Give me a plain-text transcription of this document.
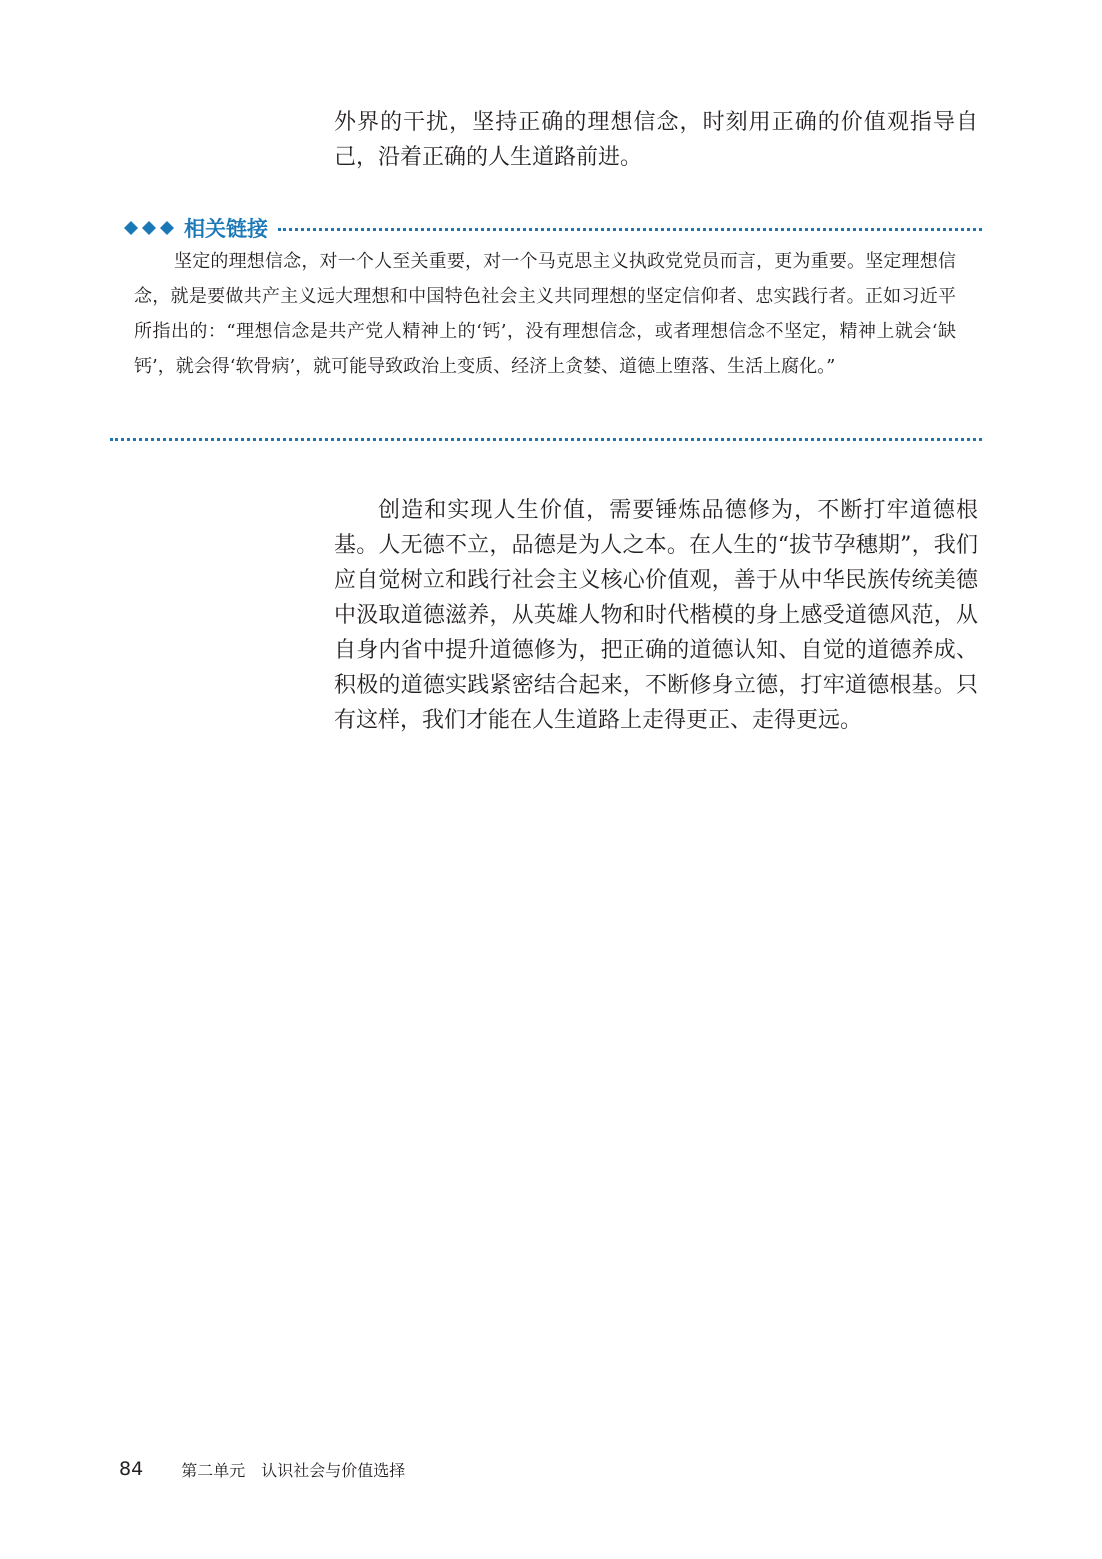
外界的干扰，坚持正确的理想信念，时刻用正确的价值观指导自己，沿着正确的人生道路前进。

相关链接

坚定的理想信念，对一个人至关重要，对一个马克思主义执政党党员而言，更为重要。坚定理想信念，就是要做共产主义远大理想和中国特色社会主义共同理想的坚定信仰者、忠实践行者。正如习近平所指出的：“理想信念是共产党人精神上的‘钙’，没有理想信念，或者理想信念不坚定，精神上就会‘缺钙’，就会得‘软骨病’，就可能导致政治上变质、经济上贪婪、道德上堕落、生活上腐化。”

创造和实现人生价值，需要锤炼品德修为，不断打牢道德根基。人无德不立，品德是为人之本。在人生的“拔节孕穗期”，我们应自觉树立和践行社会主义核心价值观，善于从中华民族传统美德中汲取道德滋养，从英雄人物和时代楷模的身上感受道德风范，从自身内省中提升道德修为，把正确的道德认知、自觉的道德养成、积极的道德实践紧密结合起来，不断修身立德，打牢道德根基。只有这样，我们才能在人生道路上走得更正、走得更远。

84 第二单元 认识社会与价值选择
